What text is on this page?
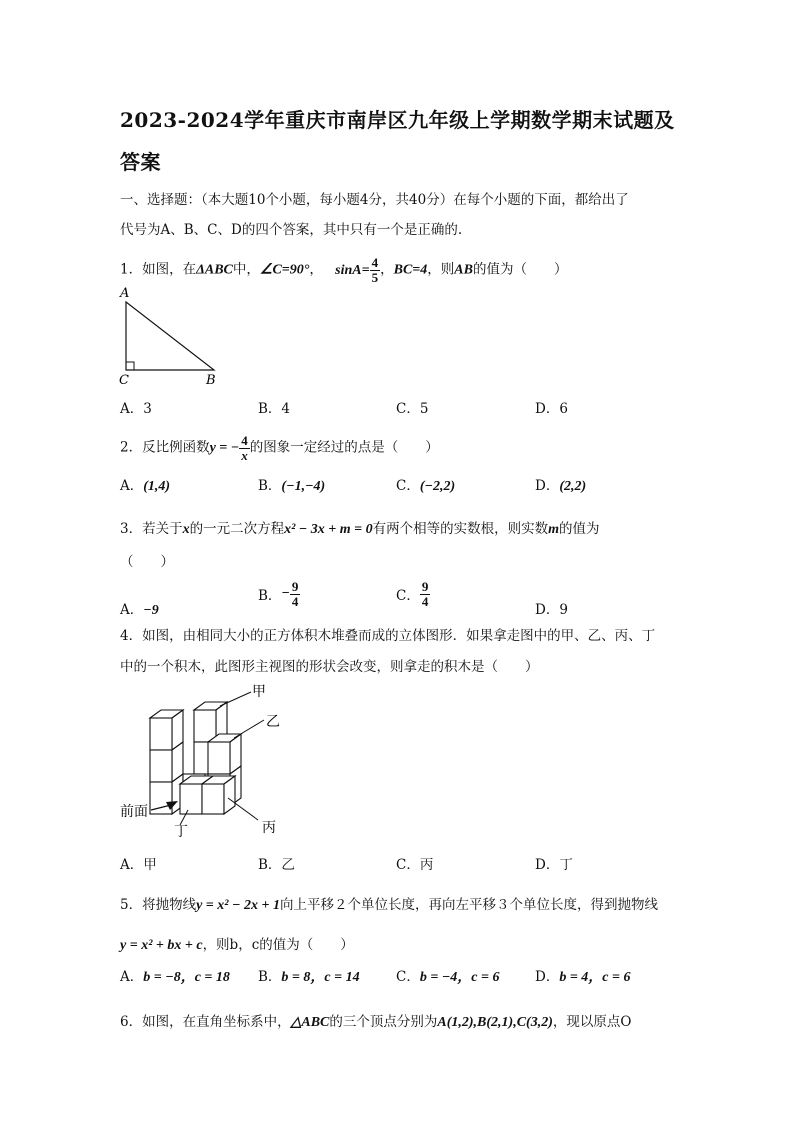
2023-2024学年重庆市南岸区九年级上学期数学期末试题及
答案
一、选择题：（本大题10个小题，每小题4分，共40分）在每个小题的下面，都给出了
代号为A、B、C、D的四个答案，其中只有一个是正确的.
1．如图，在ΔABC中，∠C=90°， $\sin A= \frac{4}{5}$ ，BC=4，则AB的值为（　　）
A
C	B
A．3	B．4	C．5	D．6
2．反比例函数y = − $\frac{4}{x}$ 的图象一定经过的点是（　　）
A．(1,4)	B．(−1,−4)	C．(−2,2)	D．(2,2)
3．若关于x的一元二次方程x² − 3x + m = 0有两个相等的实数根，则实数m的值为
（　　）
A．−9
B．− $\frac{9}{4}$	C． $\frac{9}{4}$
D．9
4．如图，由相同大小的正方体积木堆叠而成的立体图形．如果拿走图中的甲、乙、丙、丁
中的一个积木，此图形主视图的形状会改变，则拿走的积木是（　　）
甲
乙
前面
丁	丙
A．甲	B．乙	C．丙	D．丁
5．将抛物线y = x² − 2x + 1向上平移２个单位长度，再向左平移３个单位长度，得到抛物线
y = x² + bx + c，则b，c的值为（　　）
A．b = −8，c = 18 B．b = 8，c = 14	C．b = −4，c = 6	D．b = 4，c = 6
6．如图，在直角坐标系中，△ABC的三个顶点分别为A(1,2),B(2,1),C(3,2)，现以原点O
